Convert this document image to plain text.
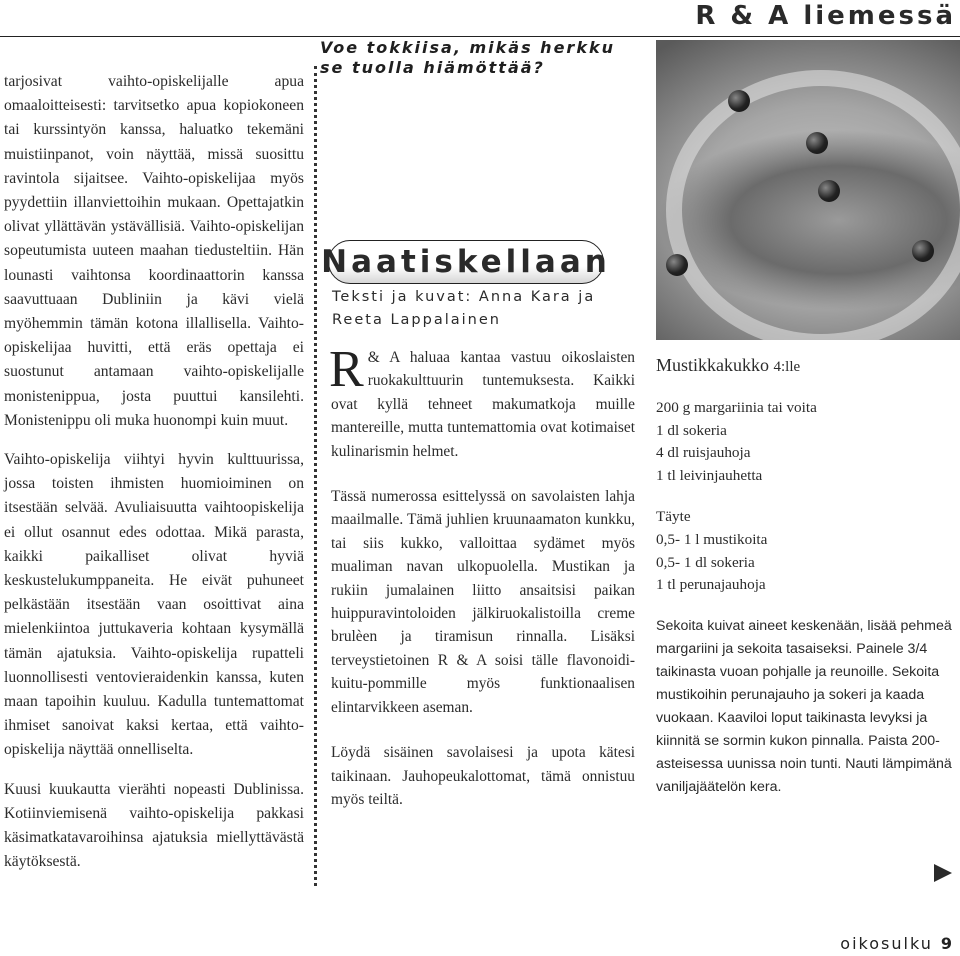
R & A liemessä

tarjosivat vaihto-opiskelijalle apua omaaloitteisesti: tarvitsetko apua kopiokoneen tai kurssintyön kanssa, haluatko tekemäni muistiinpanot, voin näyttää, missä suosittu ravintola sijaitsee. Vaihto-opiskelijaa myös pyydettiin illanviettoihin mukaan. Opettajatkin olivat yllättävän ystävällisiä. Vaihto-opiskelijan sopeutumista uuteen maahan tiedusteltiin. Hän lounasti vaihtonsa koordinaattorin kanssa saavuttuaan Dubliniin ja kävi vielä myöhemmin tämän kotona illallisella. Vaihto-opiskelijaa huvitti, että eräs opettaja ei suostunut antamaan vaihto-opiskelijalle monistenippua, josta puuttui kansilehti. Monistenippu oli muka huonompi kuin muut.

Vaihto-opiskelija viihtyi hyvin kulttuurissa, jossa toisten ihmisten huomioiminen on itsestään selvää. Avuliaisuutta vaihtoopiskelija ei ollut osannut edes odottaa. Mikä parasta, kaikki paikalliset olivat hyviä keskustelukumppaneita. He eivät puhuneet pelkästään itsestään vaan osoittivat aina mielenkiintoa juttukaveria kohtaan kysymällä tämän ajatuksia. Vaihto-opiskelija rupatteli luonnollisesti ventovieraidenkin kanssa, kuten maan tapoihin kuuluu. Kadulla tuntemattomat ihmiset sanoivat kaksi kertaa, että vaihto-opiskelija näyttää onnelliselta.

Kuusi kuukautta vierähti nopeasti Dublinissa. Kotiinviemisenä vaihto-opiskelija pakkasi käsimatkatavaroihinsa ajatuksia miellyttävästä käytöksestä.

Voe tokkiisa, mikäs herkku se tuolla hiämöttää?

Naatiskellaan
Teksti ja kuvat: Anna Kara ja Reeta Lappalainen

R & A haluaa kantaa vastuu oikoslaisten ruokakulttuurin tuntemuksesta. Kaikki ovat kyllä tehneet makumatkoja muille mantereille, mutta tuntemattomia ovat kotimaiset kulinarismin helmet.

Tässä numerossa esittelyssä on savolaisten lahja maailmalle. Tämä juhlien kruunaamaton kunkku, tai siis kukko, valloittaa sydämet myös mualiman navan ulkopuolella. Mustikan ja rukiin jumalainen liitto ansaitsisi paikan huippuravintoloiden jälkiruokalistoilla creme brulèen ja tiramisun rinnalla. Lisäksi terveystietoinen R & A soisi tälle flavonoidi-kuitu-pommille myös funktionaalisen elintarvikkeen aseman.

Löydä sisäinen savolaisesi ja upota kätesi taikinaan. Jauhopeukalottomat, tämä onnistuu myös teiltä.

Mustikkakukko 4:lle
200 g margariinia tai voita
1 dl sokeria
4 dl ruisjauhoja
1 tl leivinjauhetta

Täyte

0,5- 1 l mustikoita
0,5- 1 dl sokeria
1 tl perunajauhoja

Sekoita kuivat aineet keskenään, lisää pehmeä margariini ja sekoita tasaiseksi. Painele 3/4 taikinasta vuoan pohjalle ja reunoille. Sekoita mustikoihin perunajauho ja sokeri ja kaada vuokaan. Kaaviloi loput taikinasta levyksi ja kiinnitä se sormin kukon pinnalla. Paista 200-asteisessa uunissa noin tunti. Nauti lämpimänä vaniljajäätelön kera.

oikosulku 9
